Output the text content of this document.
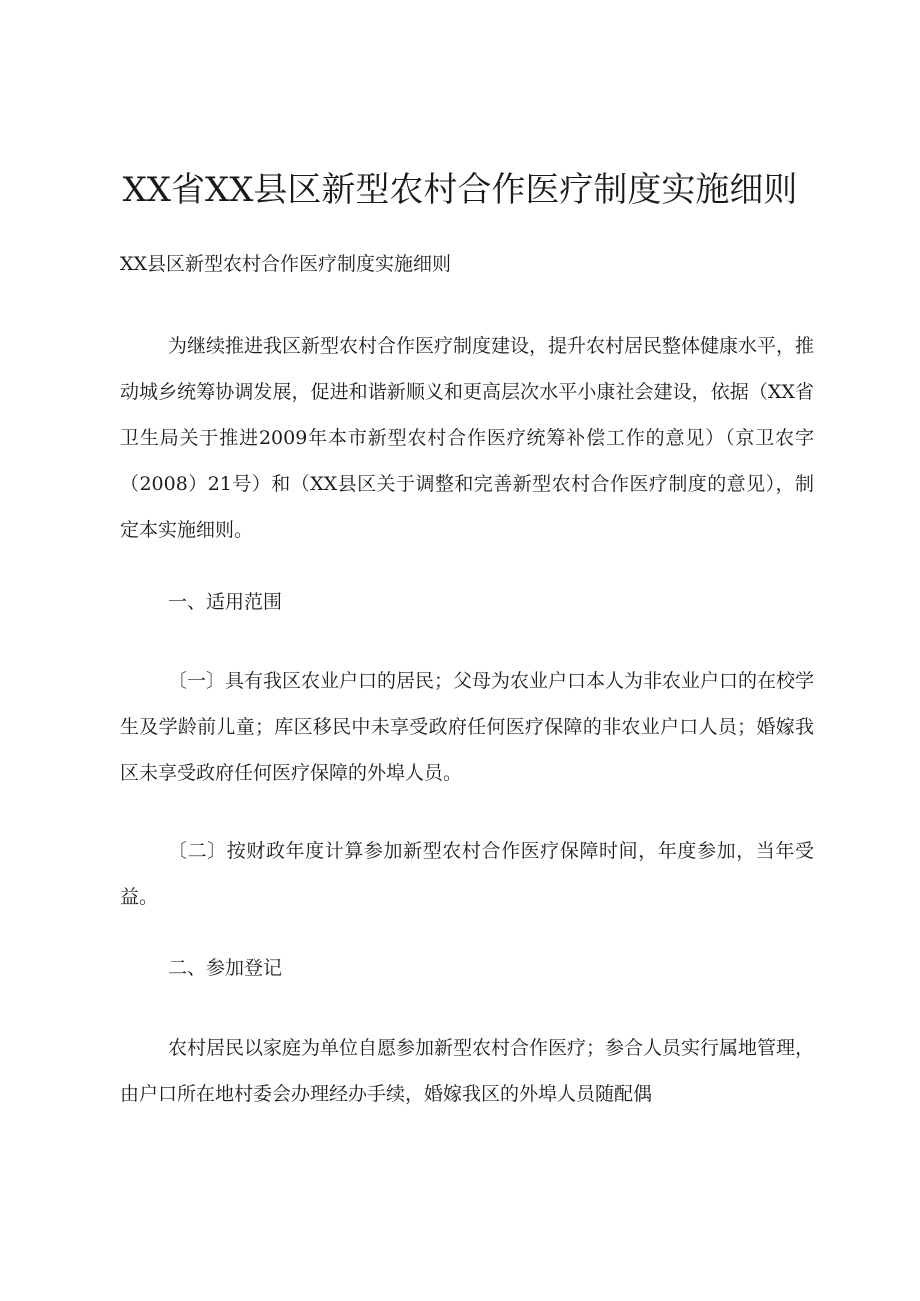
XX省XX县区新型农村合作医疗制度实施细则

XX县区新型农村合作医疗制度实施细则

为继续推进我区新型农村合作医疗制度建设，提升农村居民整体健康水平，推动城乡统筹协调发展，促进和谐新顺义和更高层次水平小康社会建设，依据（XX省卫生局关于推进2009年本市新型农村合作医疗统筹补偿工作的意见）（京卫农字（2008）21号）和（XX县区关于调整和完善新型农村合作医疗制度的意见），制定本实施细则。

一、适用范围

〔一〕具有我区农业户口的居民；父母为农业户口本人为非农业户口的在校学生及学龄前儿童；库区移民中未享受政府任何医疗保障的非农业户口人员；婚嫁我区未享受政府任何医疗保障的外埠人员。

〔二〕按财政年度计算参加新型农村合作医疗保障时间，年度参加，当年受益。

二、参加登记

农村居民以家庭为单位自愿参加新型农村合作医疗；参合人员实行属地管理，由户口所在地村委会办理经办手续，婚嫁我区的外埠人员随配偶
